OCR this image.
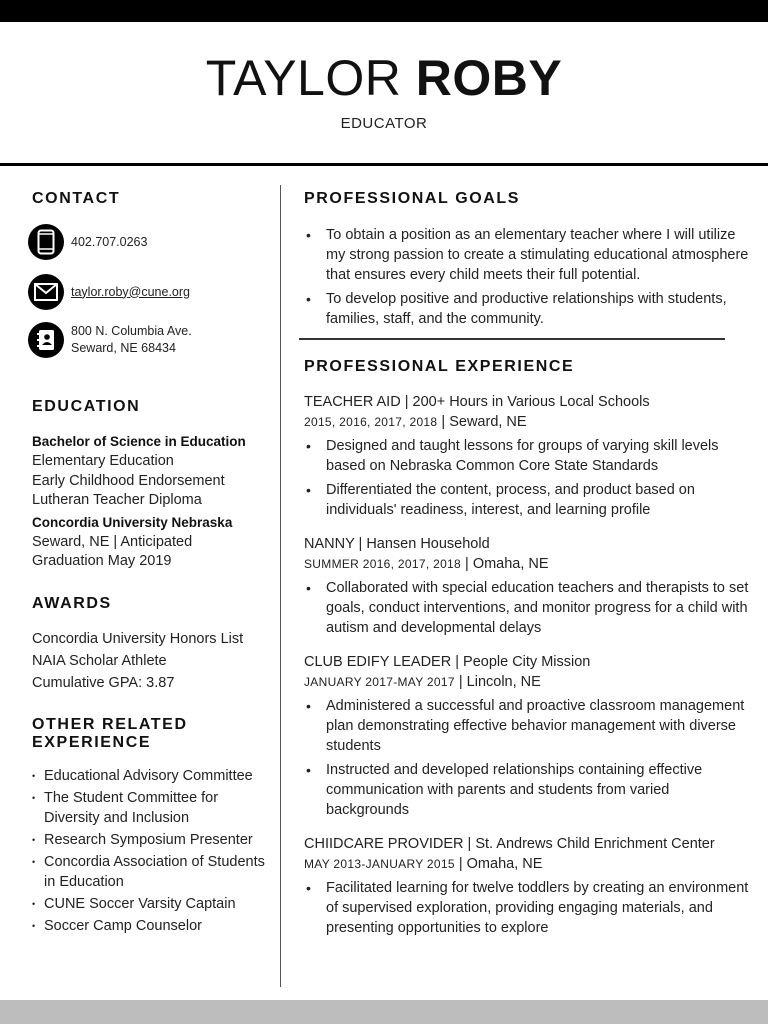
TAYLOR ROBY
EDUCATOR
CONTACT
402.707.0263
taylor.roby@cune.org
800 N. Columbia Ave.
Seward, NE 68434
EDUCATION
Bachelor of Science in Education
Elementary Education
Early Childhood Endorsement
Lutheran Teacher Diploma
Concordia University Nebraska
Seward, NE | Anticipated
Graduation May 2019
AWARDS
Concordia University Honors List
NAIA Scholar Athlete
Cumulative GPA: 3.87
OTHER RELATED
EXPERIENCE
• Educational Advisory Committee
• The Student Committee for Diversity and Inclusion
• Research Symposium Presenter
• Concordia Association of Students in Education
• CUNE Soccer Varsity Captain
• Soccer Camp Counselor
PROFESSIONAL GOALS
• To obtain a position as an elementary teacher where I will utilize my strong passion to create a stimulating educational atmosphere that ensures every child meets their full potential.
• To develop positive and productive relationships with students, families, staff, and the community.
PROFESSIONAL EXPERIENCE
TEACHER AID | 200+ Hours in Various Local Schools
2015, 2016, 2017, 2018 | Seward, NE
• Designed and taught lessons for groups of varying skill levels based on Nebraska Common Core State Standards
• Differentiated the content, process, and product based on individuals' readiness, interest, and learning profile
NANNY | Hansen Household
SUMMER 2016, 2017, 2018 | Omaha, NE
• Collaborated with special education teachers and therapists to set goals, conduct interventions, and monitor progress for a child with autism and developmental delays
CLUB EDIFY LEADER | People City Mission
JANUARY 2017-MAY 2017 | Lincoln, NE
• Administered a successful and proactive classroom management plan demonstrating effective behavior management with diverse students
• Instructed and developed relationships containing effective communication with parents and students from varied backgrounds
CHIIDCARE PROVIDER | St. Andrews Child Enrichment Center
MAY 2013-JANUARY 2015 | Omaha, NE
• Facilitated learning for twelve toddlers by creating an environment of supervised exploration, providing engaging materials, and presenting opportunities to explore
